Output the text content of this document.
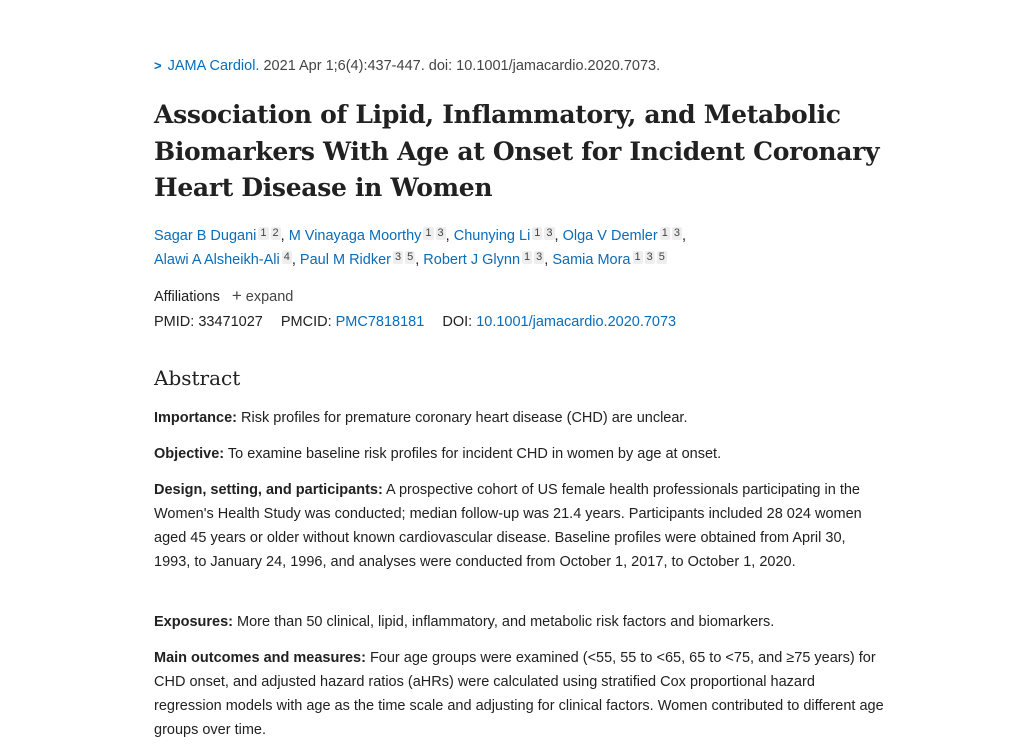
> JAMA Cardiol. 2021 Apr 1;6(4):437-447. doi: 10.1001/jamacardio.2020.7073.
Association of Lipid, Inflammatory, and Metabolic Biomarkers With Age at Onset for Incident Coronary Heart Disease in Women
Sagar B Dugani 1 2 , M Vinayaga Moorthy 1 3 , Chunying Li 1 3 , Olga V Demler 1 3 ,
Alawi A Alsheikh-Ali 4 , Paul M Ridker 3 5 , Robert J Glynn 1 3 , Samia Mora 1 3 5
Affiliations + expand
PMID: 33471027 PMCID: PMC7818181 DOI: 10.1001/jamacardio.2020.7073
Abstract

Importance: Risk profiles for premature coronary heart disease (CHD) are unclear.

Objective: To examine baseline risk profiles for incident CHD in women by age at onset.

Design, setting, and participants: A prospective cohort of US female health professionals participating in the Women's Health Study was conducted; median follow-up was 21.4 years. Participants included 28 024 women aged 45 years or older without known cardiovascular disease. Baseline profiles were obtained from April 30, 1993, to January 24, 1996, and analyses were conducted from October 1, 2017, to October 1, 2020.

Exposures: More than 50 clinical, lipid, inflammatory, and metabolic risk factors and biomarkers.

Main outcomes and measures: Four age groups were examined (<55, 55 to <65, 65 to <75, and ≥75 years) for CHD onset, and adjusted hazard ratios (aHRs) were calculated using stratified Cox proportional hazard regression models with age as the time scale and adjusting for clinical factors. Women contributed to different age groups over time.
